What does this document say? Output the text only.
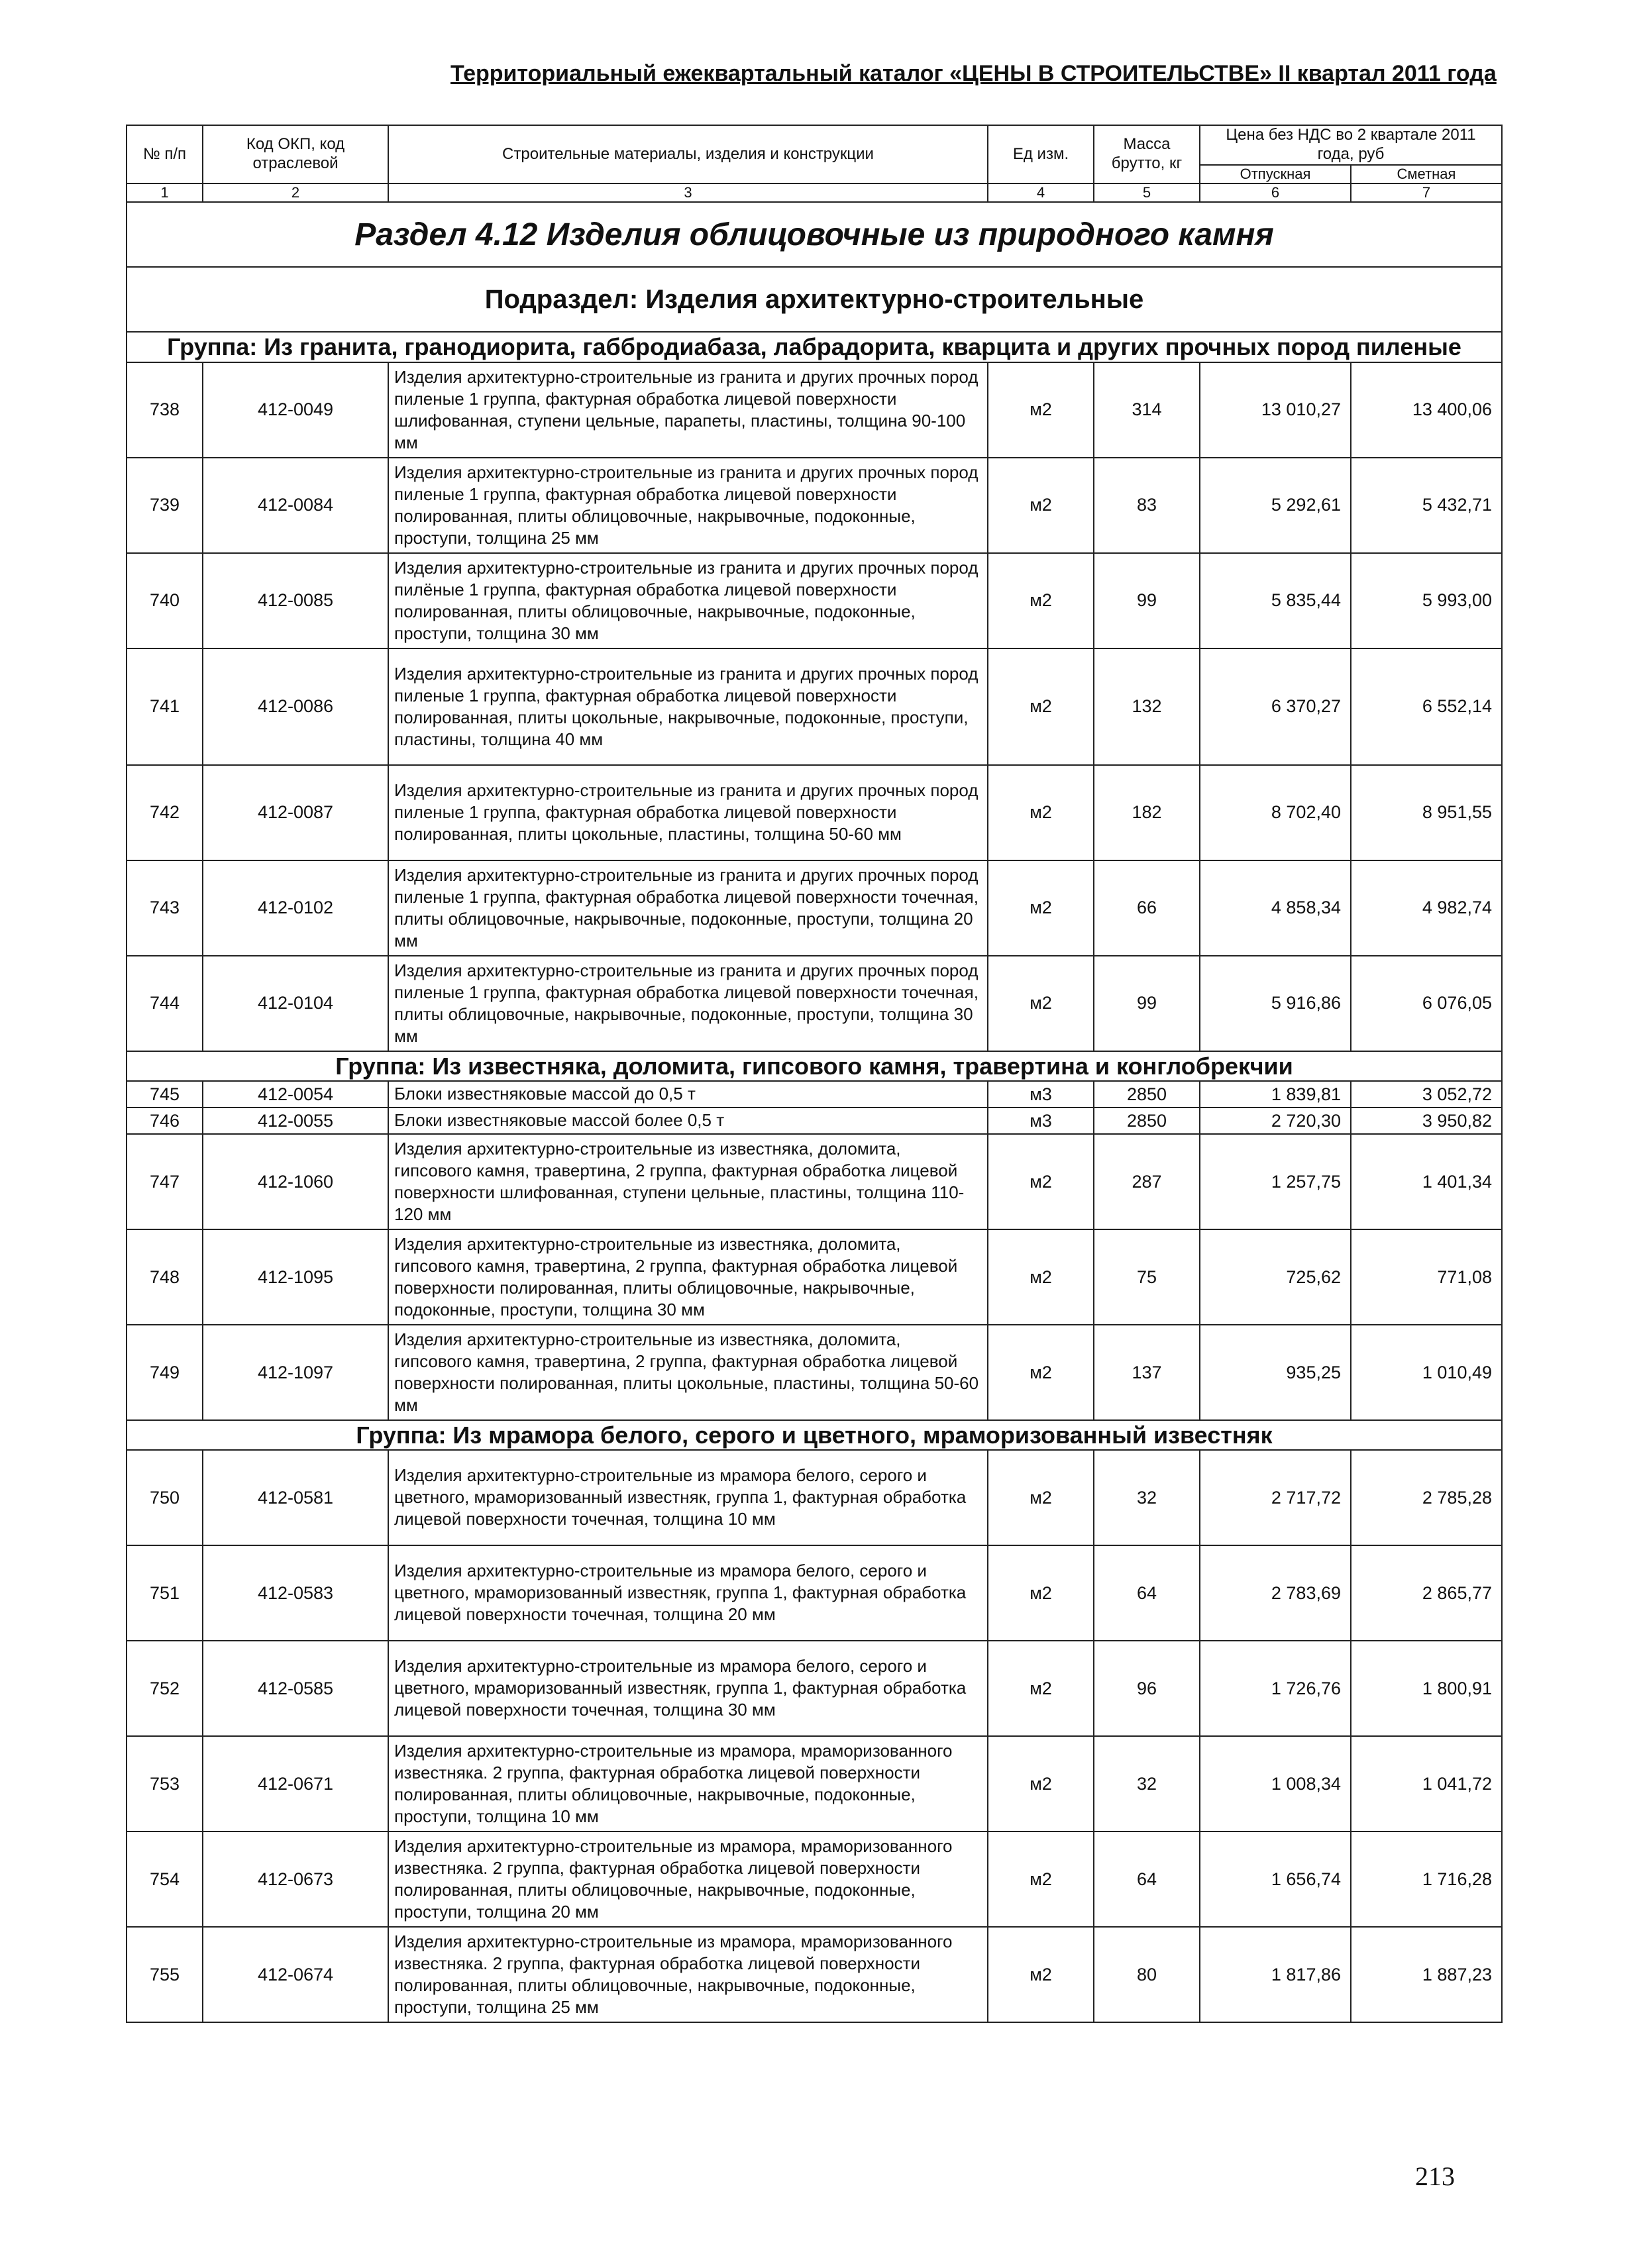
Территориальный ежеквартальный каталог «ЦЕНЫ В СТРОИТЕЛЬСТВЕ» II квартал 2011 года
№ п/п	Код ОКП, код отраслевой	Строительные материалы, изделия и конструкции	Ед изм.	Масса брутто, кг	Цена без НДС во 2 квартале 2011 года, руб	
					Отпускная	Сметная
1	2	3	4	5	6	7
Раздел 4.12 Изделия облицовочные из природного камня						
Подраздел: Изделия архитектурно-строительные						
Группа: Из гранита, гранодиорита, габбродиабаза, лабрадорита, кварцита и других прочных пород пиленые						
738	412-0049	Изделия архитектурно-строительные из гранита и других прочных пород пиленые 1 группа, фактурная обработка лицевой поверхности шлифованная, ступени цельные, парапеты, пластины, толщина 90-100 мм	м2	314	13 010,27	13 400,06
739	412-0084	Изделия архитектурно-строительные из гранита и других прочных пород пиленые 1 группа, фактурная обработка лицевой поверхности полированная, плиты облицовочные, накрывочные, подоконные, проступи, толщина 25 мм	м2	83	5 292,61	5 432,71
740	412-0085	Изделия архитектурно-строительные из гранита и других прочных пород пилёные 1 группа, фактурная обработка лицевой поверхности полированная, плиты облицовочные, накрывочные, подоконные, проступи, толщина 30 мм	м2	99	5 835,44	5 993,00
741	412-0086	Изделия архитектурно-строительные из гранита и других прочных пород пиленые 1 группа, фактурная обработка лицевой поверхности полированная, плиты цокольные, накрывочные, подоконные, проступи, пластины, толщина 40 мм	м2	132	6 370,27	6 552,14
742	412-0087	Изделия архитектурно-строительные из гранита и других прочных пород пиленые 1 группа, фактурная обработка лицевой поверхности полированная, плиты цокольные, пластины, толщина 50-60 мм	м2	182	8 702,40	8 951,55
743	412-0102	Изделия архитектурно-строительные из гранита и других прочных пород пиленые 1 группа, фактурная обработка лицевой поверхности точечная, плиты облицовочные, накрывочные, подоконные, проступи, толщина 20 мм	м2	66	4 858,34	4 982,74
744	412-0104	Изделия архитектурно-строительные из гранита и других прочных пород пиленые 1 группа, фактурная обработка лицевой поверхности точечная, плиты облицовочные, накрывочные, подоконные, проступи, толщина 30 мм	м2	99	5 916,86	6 076,05
Группа: Из известняка, доломита, гипсового камня, травертина и конглобрекчии						
745	412-0054	Блоки известняковые массой до 0,5 т	м3	2850	1 839,81	3 052,72
746	412-0055	Блоки известняковые массой более 0,5 т	м3	2850	2 720,30	3 950,82
747	412-1060	Изделия архитектурно-строительные из известняка, доломита, гипсового камня, травертина, 2 группа, фактурная обработка лицевой поверхности шлифованная, ступени цельные, пластины, толщина 110-120 мм	м2	287	1 257,75	1 401,34
748	412-1095	Изделия архитектурно-строительные из известняка, доломита, гипсового камня, травертина, 2 группа, фактурная обработка лицевой поверхности полированная, плиты облицовочные, накрывочные, подоконные, проступи, толщина 30 мм	м2	75	725,62	771,08
749	412-1097	Изделия архитектурно-строительные из известняка, доломита, гипсового камня, травертина, 2 группа, фактурная обработка лицевой поверхности полированная, плиты цокольные, пластины, толщина 50-60 мм	м2	137	935,25	1 010,49
Группа: Из мрамора белого, серого и цветного, мраморизованный известняк						
750	412-0581	Изделия архитектурно-строительные из мрамора белого, серого и цветного, мраморизованный известняк, группа 1, фактурная обработка лицевой поверхности точечная, толщина 10 мм	м2	32	2 717,72	2 785,28
751	412-0583	Изделия архитектурно-строительные из мрамора белого, серого и цветного, мраморизованный известняк, группа 1, фактурная обработка лицевой поверхности точечная, толщина 20 мм	м2	64	2 783,69	2 865,77
752	412-0585	Изделия архитектурно-строительные из мрамора белого, серого и цветного, мраморизованный известняк, группа 1, фактурная обработка лицевой поверхности точечная, толщина 30 мм	м2	96	1 726,76	1 800,91
753	412-0671	Изделия архитектурно-строительные из мрамора, мраморизованного известняка. 2 группа, фактурная обработка лицевой поверхности полированная, плиты облицовочные, накрывочные, подоконные, проступи, толщина 10 мм	м2	32	1 008,34	1 041,72
754	412-0673	Изделия архитектурно-строительные из мрамора, мраморизованного известняка. 2 группа, фактурная обработка лицевой поверхности полированная, плиты облицовочные, накрывочные, подоконные, проступи, толщина 20 мм	м2	64	1 656,74	1 716,28
755	412-0674	Изделия архитектурно-строительные из мрамора, мраморизованного известняка. 2 группа, фактурная обработка лицевой поверхности полированная, плиты облицовочные, накрывочные, подоконные, проступи, толщина 25 мм	м2	80	1 817,86	1 887,23
213
